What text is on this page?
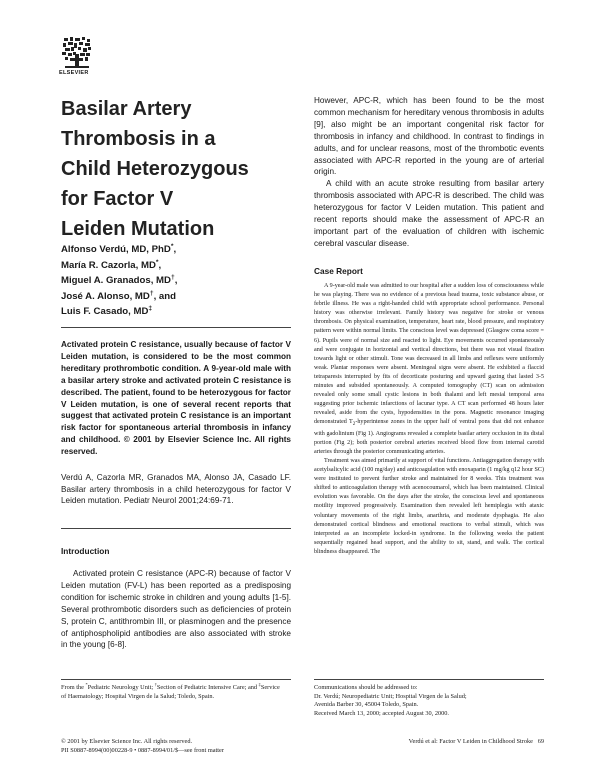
ELSEVIER
Basilar Artery
Thrombosis in a
Child Heterozygous
for Factor V
Leiden Mutation
Alfonso Verdú, MD, PhD*,
María R. Cazorla, MD*,
Miguel A. Granados, MD†,
José A. Alonso, MD†, and
Luis F. Casado, MD‡
Activated protein C resistance, usually because of factor V Leiden mutation, is considered to be the most common hereditary prothrombotic condition. A 9-year-old male with a basilar artery stroke and activated protein C resistance is described. The patient, found to be heterozygous for factor V Leiden mutation, is one of several recent reports that suggest that activated protein C resistance is an important risk factor for spontaneous arterial thrombosis in infancy and childhood. © 2001 by Elsevier Science Inc. All rights reserved.
Verdú A, Cazorla MR, Granados MA, Alonso JA, Casado LF. Basilar artery thrombosis in a child heterozygous for factor V Leiden mutation. Pediatr Neurol 2001;24:69-71.
Introduction

Activated protein C resistance (APC-R) because of factor V Leiden mutation (FV-L) has been reported as a predisposing condition for ischemic stroke in children and young adults [1-5]. Several prothrombotic disorders such as deficiencies of protein S, protein C, antithrombin III, or plasminogen and the presence of antiphospholipid antibodies are also associated with stroke in the young [6-8].

However, APC-R, which has been found to be the most common mechanism for hereditary venous thrombosis in adults [9], also might be an important congenital risk factor for thrombosis in infancy and childhood. In contrast to findings in adults, and for unclear reasons, most of the thrombotic events associated with APC-R reported in the young are of arterial origin.

A child with an acute stroke resulting from basilar artery thrombosis associated with APC-R is described. The child was heterozygous for factor V Leiden mutation. This patient and recent reports should make the assessment of APC-R an important part of the evaluation of children with ischemic cerebral vascular disease.

Case Report

A 9-year-old male was admitted to our hospital after a sudden loss of consciousness while he was playing. There was no evidence of a previous head trauma, toxic substance abuse, or febrile illness. He was a right-handed child with appropriate school performance. Personal history was otherwise irrelevant. Family history was negative for stroke or venous thrombosis. On physical examination, temperature, heart rate, blood pressure, and respiratory pattern were within normal limits. The conscious level was depressed (Glasgow coma score = 6). Pupils were of normal size and reacted to light. Eye movements occurred spontaneously and were conjugate in horizontal and vertical directions, but there was not visual fixation towards light or other stimuli. Tone was decreased in all limbs and reflexes were uniformly weak. Plantar responses were absent. Meningeal signs were absent. He exhibited a flaccid tetraparesis interrupted by fits of decorticate posturing and upward gazing that lasted 3-5 minutes and subsided spontaneously. A computed tomography (CT) scan on admission revealed only some small cystic lesions in both thalami and left mesial temporal area suggesting prior ischemic infarctions of lacunar type. A CT scan performed 48 hours later revealed, aside from the cysts, hypodensities in the pons. Magnetic resonance imaging demonstrated $T_2$-hyperintense zones in the upper half of ventral pons that did not enhance with gadolinium (Fig 1). Angiograms revealed a complete basilar artery occlusion in its distal portion (Fig 2); both posterior cerebral arteries received blood flow from internal carotid arteries through the posterior communicating arteries.

Treatment was aimed primarily at support of vital functions. Antiaggregation therapy with acetylsalicylic acid (100 mg/day) and anticoagulation with enoxaparin (1 mg/kg q12 hour SC) were instituted to prevent further stroke and maintained for 8 weeks. This treatment was shifted to anticoagulation therapy with acenocoumarol, which has been maintained. Clinical evolution was favorable. On the days after the stroke, the conscious level and spontaneous motility improved progressively. Examination then revealed left hemiplegia with ataxic voluntary movements of the right limbs, anarthria, and moderate dysphagia. He also demonstrated cortical blindness and emotional reactions to verbal stimuli, which was interpreted as an incomplete locked-in syndrome. In the following weeks the patient sequentially regained head support, and the ability to sit, stand, and walk. The cortical blindness disappeared. The

From the *Pediatric Neurology Unit; †Section of Pediatric Intensive Care; and ‡Service of Haematology; Hospital Virgen de la Salud; Toledo, Spain.
Communications should be addressed to:
Dr. Verdú; Neuropediatric Unit; Hospital Virgen de la Salud;
Avenida Barber 30, 45004 Toledo, Spain.
Received March 13, 2000; accepted August 30, 2000.
© 2001 by Elsevier Science Inc. All rights reserved.
PII S0887-8994(00)00228-9 • 0887-8994/01/$—see front matter
Verdú et al: Factor V Leiden in Childhood Stroke 69
